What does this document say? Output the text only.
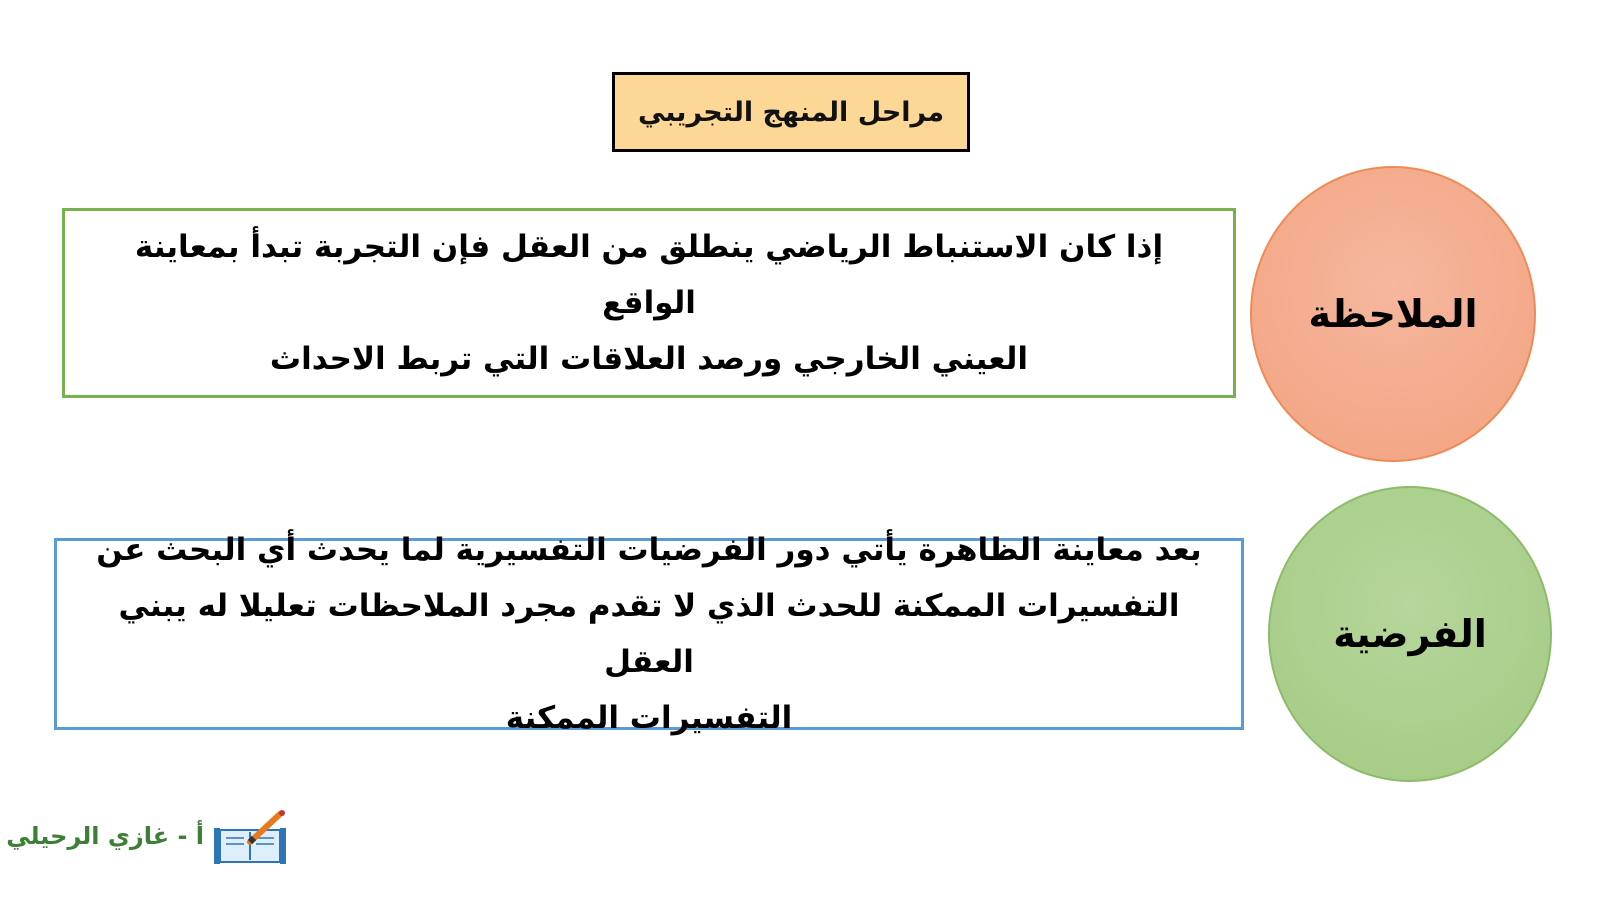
مراحل المنهج التجريبي
الملاحظة
إذا كان الاستنباط الرياضي ينطلق من العقل فإن التجربة تبدأ بمعاينة الواقع
العيني الخارجي ورصد العلاقات التي تربط الاحداث
الفرضية
بعد معاينة الظاهرة يأتي دور الفرضيات التفسيرية لما يحدث أي البحث عن
التفسيرات الممكنة للحدث الذي لا تقدم مجرد الملاحظات تعليلا له يبني العقل
التفسيرات الممكنة
أ - غازي الرحيلي
